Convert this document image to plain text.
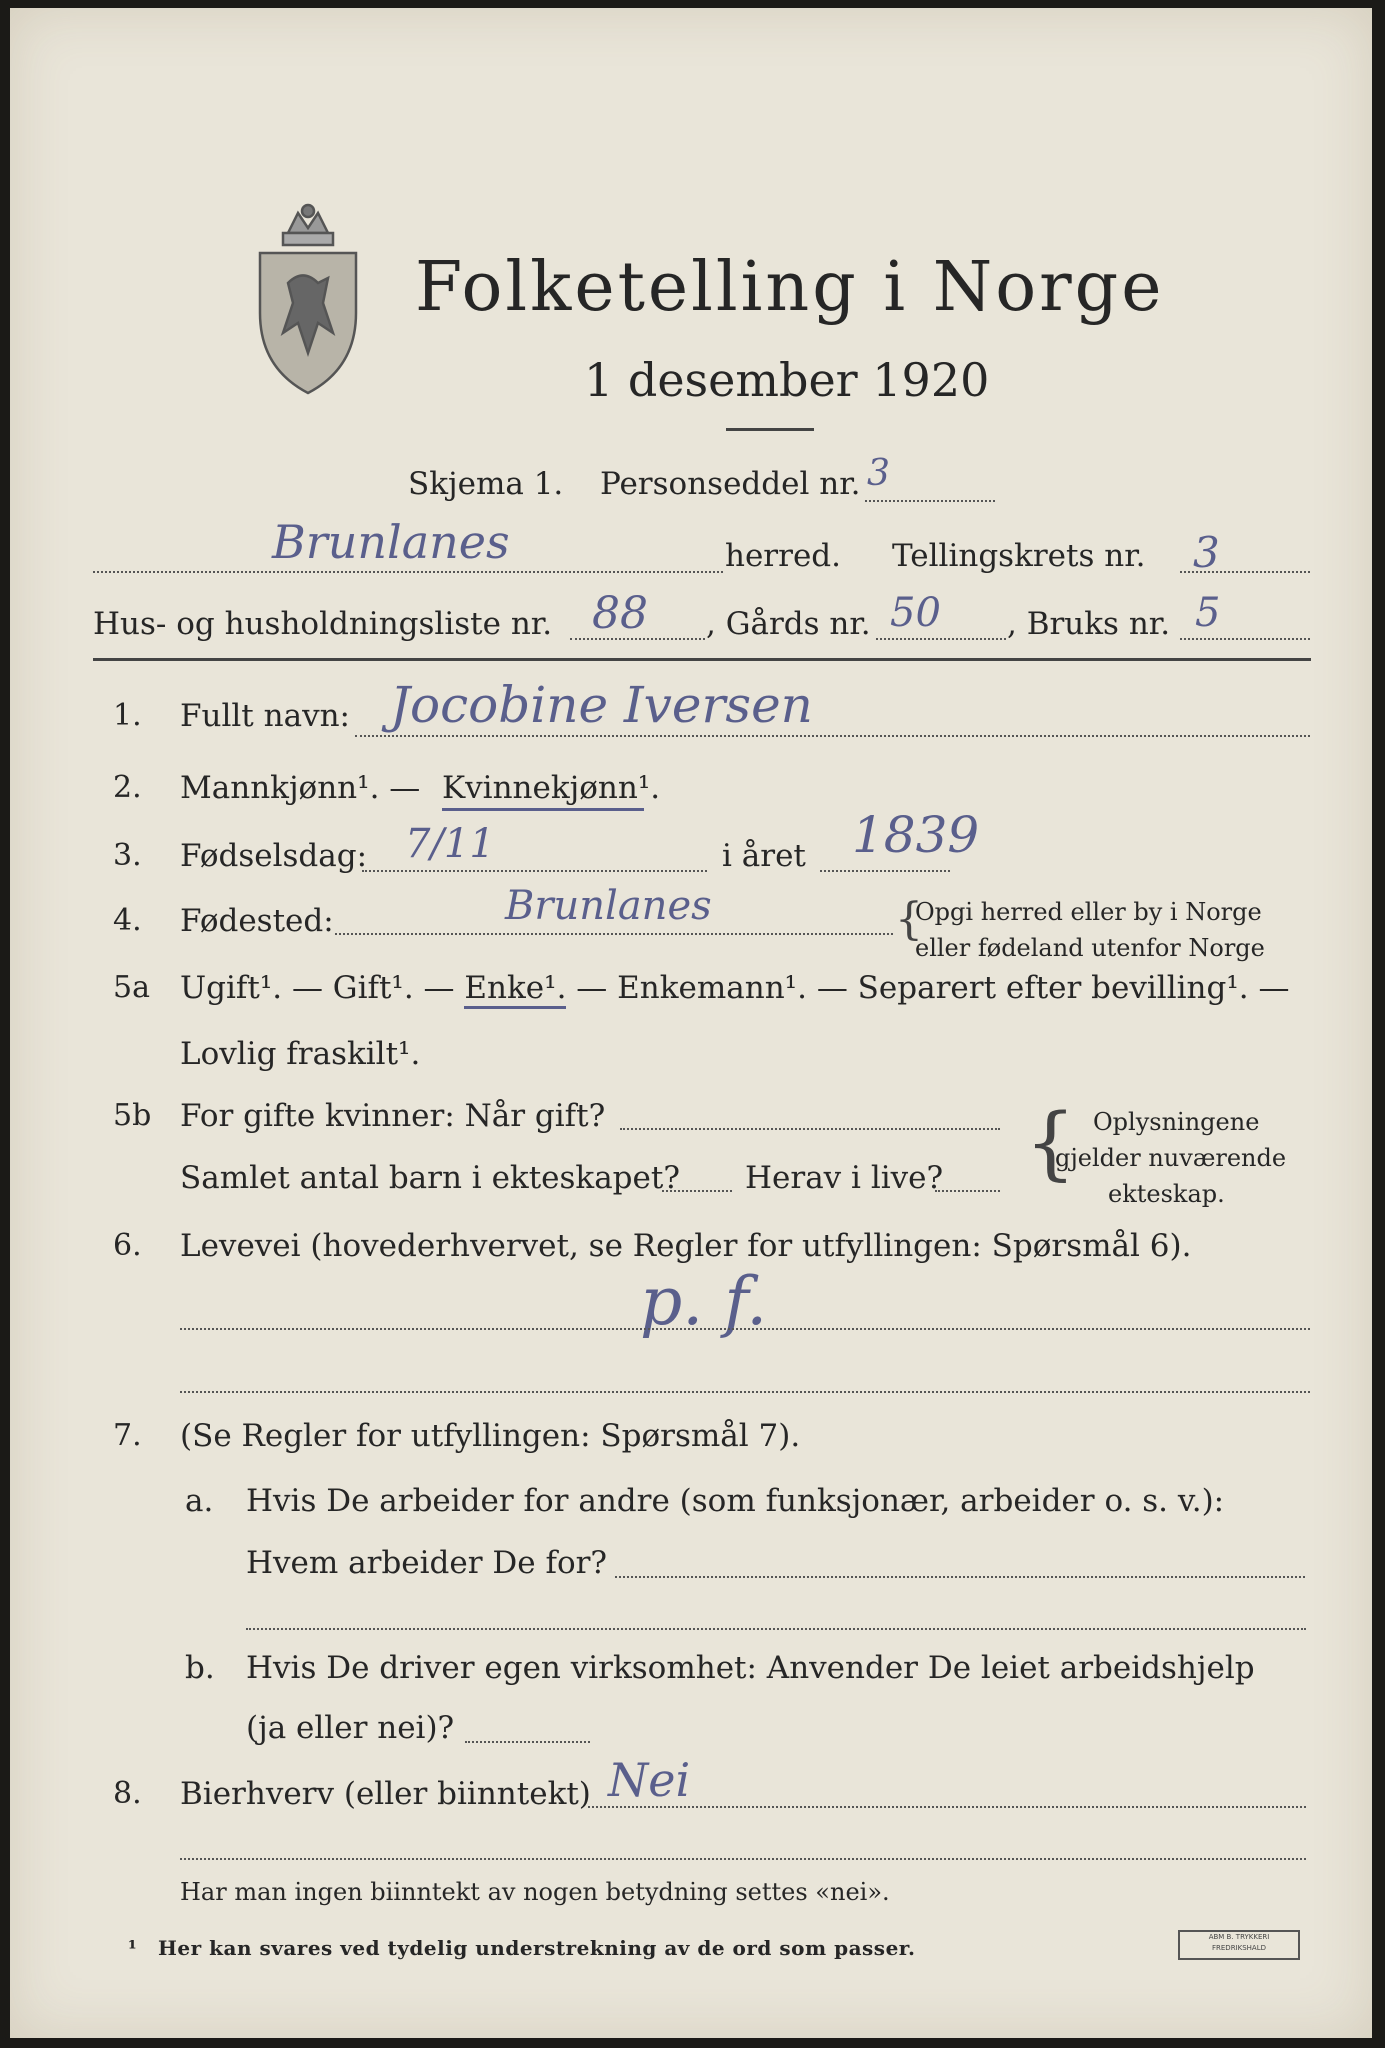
Folketelling i Norge
1 desember 1920
Skjema 1. Personseddel nr. 3
Brunlanes	herred. Tellingskrets nr. 3
Hus- og husholdningsliste nr. 88 , Gårds nr. 50 , Bruks nr. 5
1. Fullt navn: Jocobine Iversen
2. Mannkjønn¹. — Kvinnekjønn¹.
3. Fødselsdag: 7/11	i året 1839
4. Fødested:	Brunlanes	{
Opgi herred eller by i Norge
eller fødeland utenfor Norge
5a Ugift¹. — Gift¹. — Enke¹. — Enkemann¹. — Separert efter bevilling¹. —
Lovlig fraskilt¹.
5b For gifte kvinner: Når gift?
Samlet antal barn i ekteskapet? Herav i live? { Oplysningene
gjelder nuværende
ekteskap.
6. Levevei (hovederhvervet, se Regler for utfyllingen: Spørsmål 6).
p. f.
7. (Se Regler for utfyllingen: Spørsmål 7).
a. Hvis De arbeider for andre (som funksjonær, arbeider o. s. v.):
Hvem arbeider De for?
b. Hvis De driver egen virksomhet: Anvender De leiet arbeidshjelp
(ja eller nei)?
8. Bierhverv (eller biinntekt) Nei
Har man ingen biinntekt av nogen betydning settes «nei».
¹ Her kan svares ved tydelig understrekning av de ord som passer.	ABM B. TRYKKERI
FREDRIKSHALD
